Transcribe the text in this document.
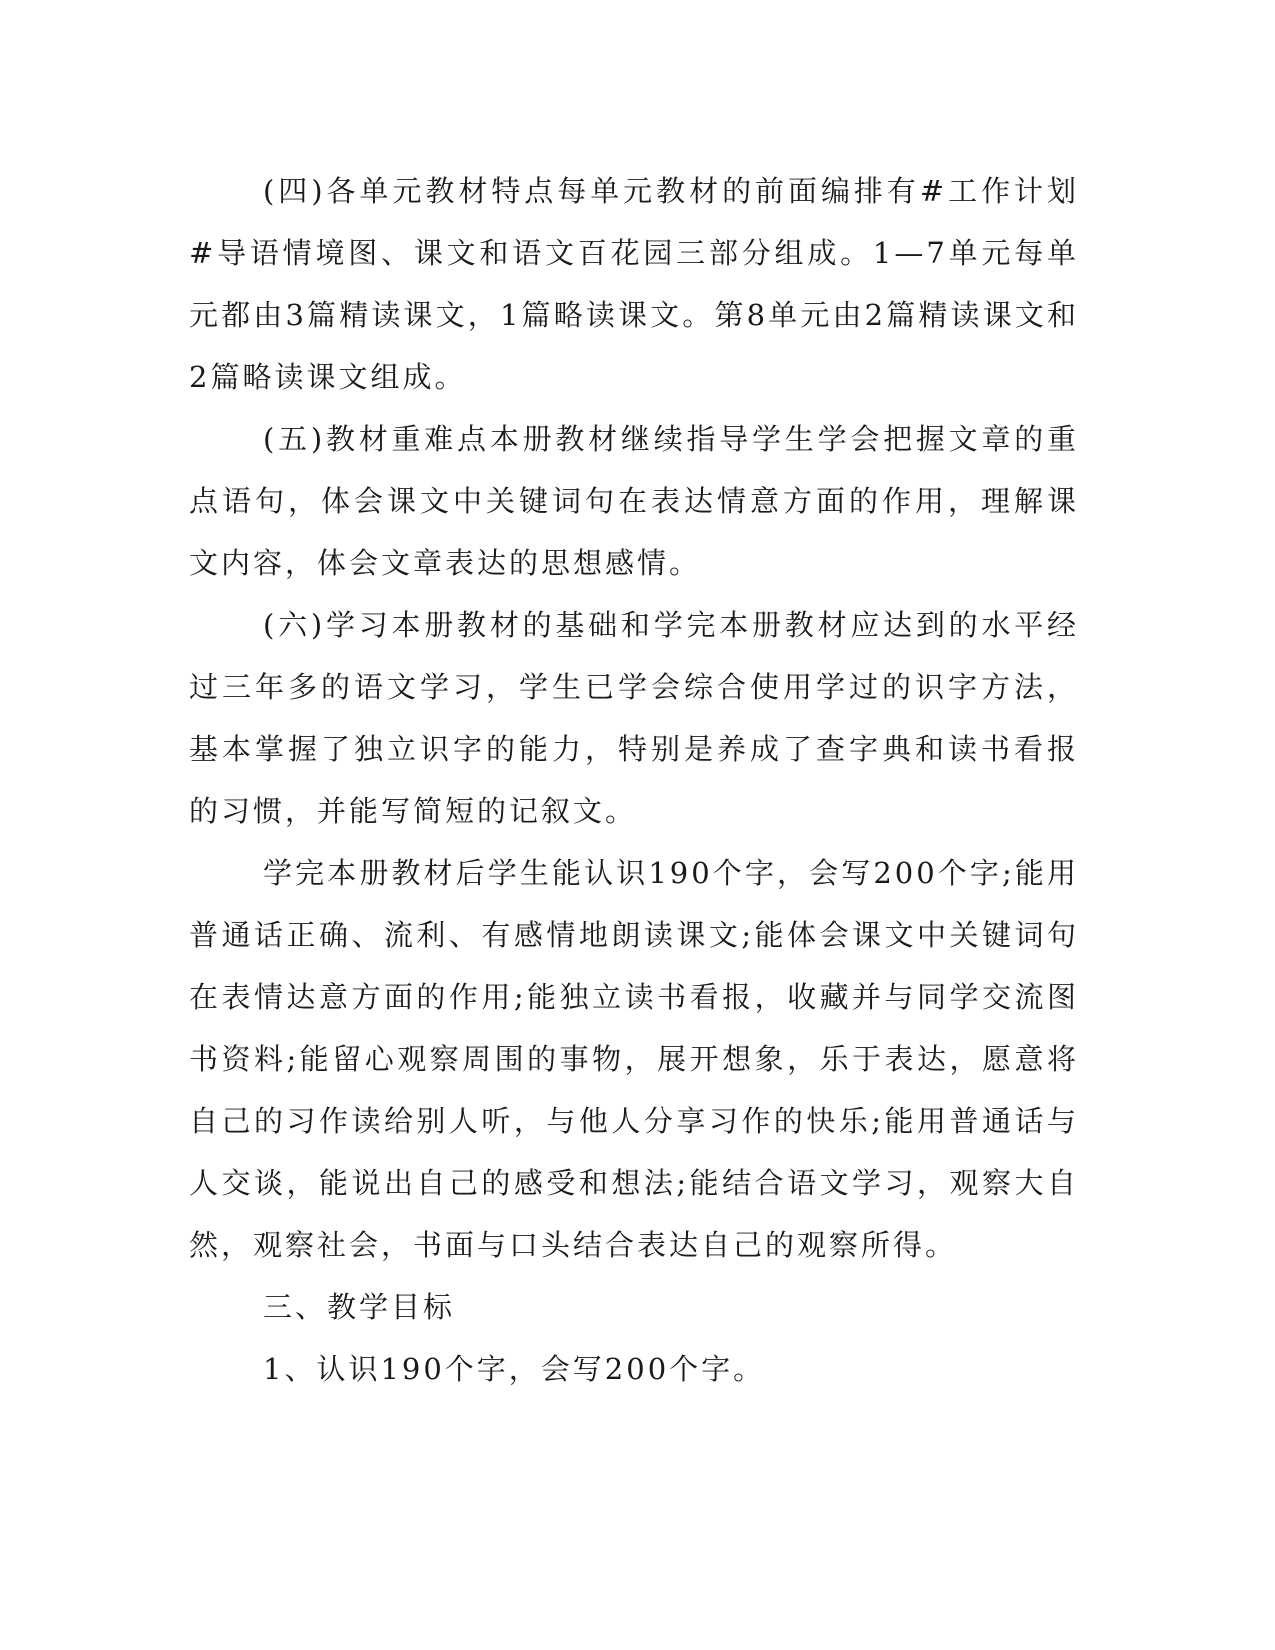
(四)各单元教材特点每单元教材的前面编排有#工作计划#导语情境图、课文和语文百花园三部分组成。1—7单元每单元都由3篇精读课文，1篇略读课文。第8单元由2篇精读课文和2篇略读课文组成。

(五)教材重难点本册教材继续指导学生学会把握文章的重点语句，体会课文中关键词句在表达情意方面的作用，理解课文内容，体会文章表达的思想感情。

(六)学习本册教材的基础和学完本册教材应达到的水平经过三年多的语文学习，学生已学会综合使用学过的识字方法，基本掌握了独立识字的能力，特别是养成了查字典和读书看报的习惯，并能写简短的记叙文。

学完本册教材后学生能认识190个字，会写200个字;能用普通话正确、流利、有感情地朗读课文;能体会课文中关键词句在表情达意方面的作用;能独立读书看报，收藏并与同学交流图书资料;能留心观察周围的事物，展开想象，乐于表达，愿意将自己的习作读给别人听，与他人分享习作的快乐;能用普通话与人交谈，能说出自己的感受和想法;能结合语文学习，观察大自然，观察社会，书面与口头结合表达自己的观察所得。

三、教学目标

1、认识190个字，会写200个字。
